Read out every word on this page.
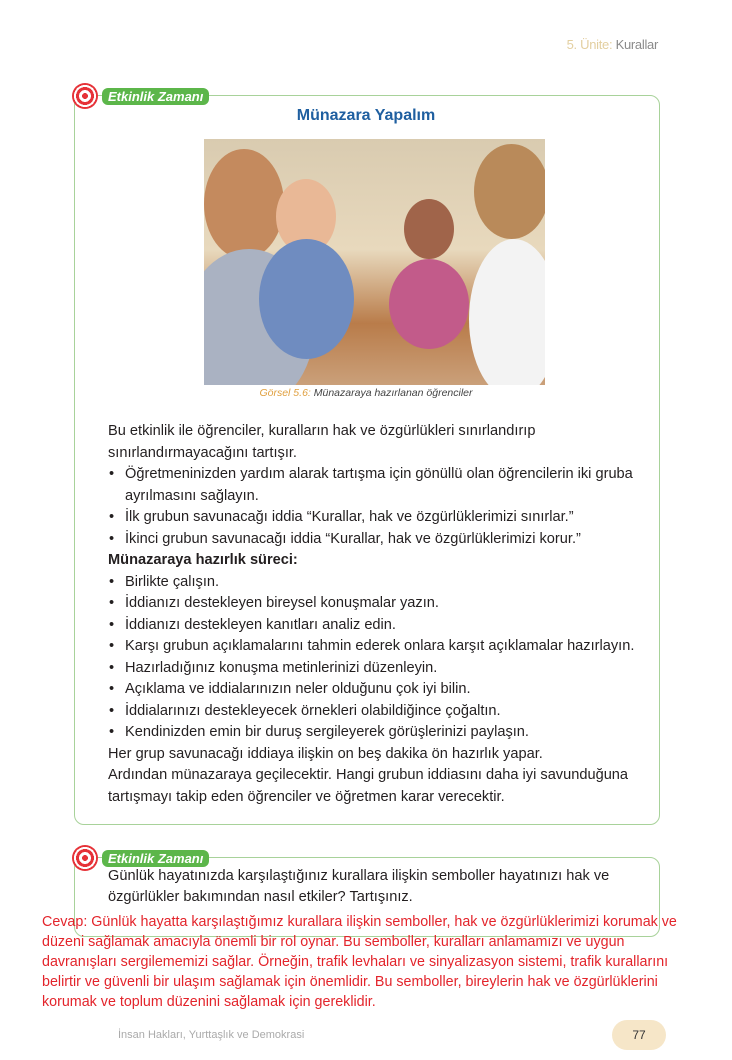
5. Ünite: Kurallar
Etkinlik Zamanı
Münazara Yapalım
Görsel 5.6: Münazaraya hazırlanan öğrenciler

Bu etkinlik ile öğrenciler, kuralların hak ve özgürlükleri sınırlandırıp sınırlandırmayacağını tartışır.

• Öğretmeninizden yardım alarak tartışma için gönüllü olan öğrencilerin iki gruba ayrılmasını sağlayın.

• İlk grubun savunacağı iddia “Kurallar, hak ve özgürlüklerimizi sınırlar.”

• İkinci grubun savunacağı iddia “Kurallar, hak ve özgürlüklerimizi korur.”

Münazaraya hazırlık süreci:

• Birlikte çalışın.

• İddianızı destekleyen bireysel konuşmalar yazın.

• İddianızı destekleyen kanıtları analiz edin.

• Karşı grubun açıklamalarını tahmin ederek onlara karşıt açıklamalar hazırlayın.

• Hazırladığınız konuşma metinlerinizi düzenleyin.

• Açıklama ve iddialarınızın neler olduğunu çok iyi bilin.

• İddialarınızı destekleyecek örnekleri olabildiğince çoğaltın.

• Kendinizden emin bir duruş sergileyerek görüşlerinizi paylaşın.

Her grup savunacağı iddiaya ilişkin on beş dakika ön hazırlık yapar.

Ardından münazaraya geçilecektir. Hangi grubun iddiasını daha iyi savunduğuna tartışmayı takip eden öğrenciler ve öğretmen karar verecektir.

Etkinlik Zamanı
Günlük hayatınızda karşılaştığınız kurallara ilişkin semboller hayatınızı hak ve özgürlükler bakımından nasıl etkiler? Tartışınız.
Cevap: Günlük hayatta karşılaştığımız kurallara ilişkin semboller, hak ve özgürlüklerimizi korumak ve düzeni sağlamak amacıyla önemli bir rol oynar. Bu semboller, kuralları anlamamızı ve uygun davranışları sergilememizi sağlar. Örneğin, trafik levhaları ve sinyalizasyon sistemi, trafik kurallarını belirtir ve güvenli bir ulaşım sağlamak için önemlidir. Bu semboller, bireylerin hak ve özgürlüklerini korumak ve toplum düzenini sağlamak için gereklidir.
İnsan Hakları, Yurttaşlık ve Demokrasi	77
